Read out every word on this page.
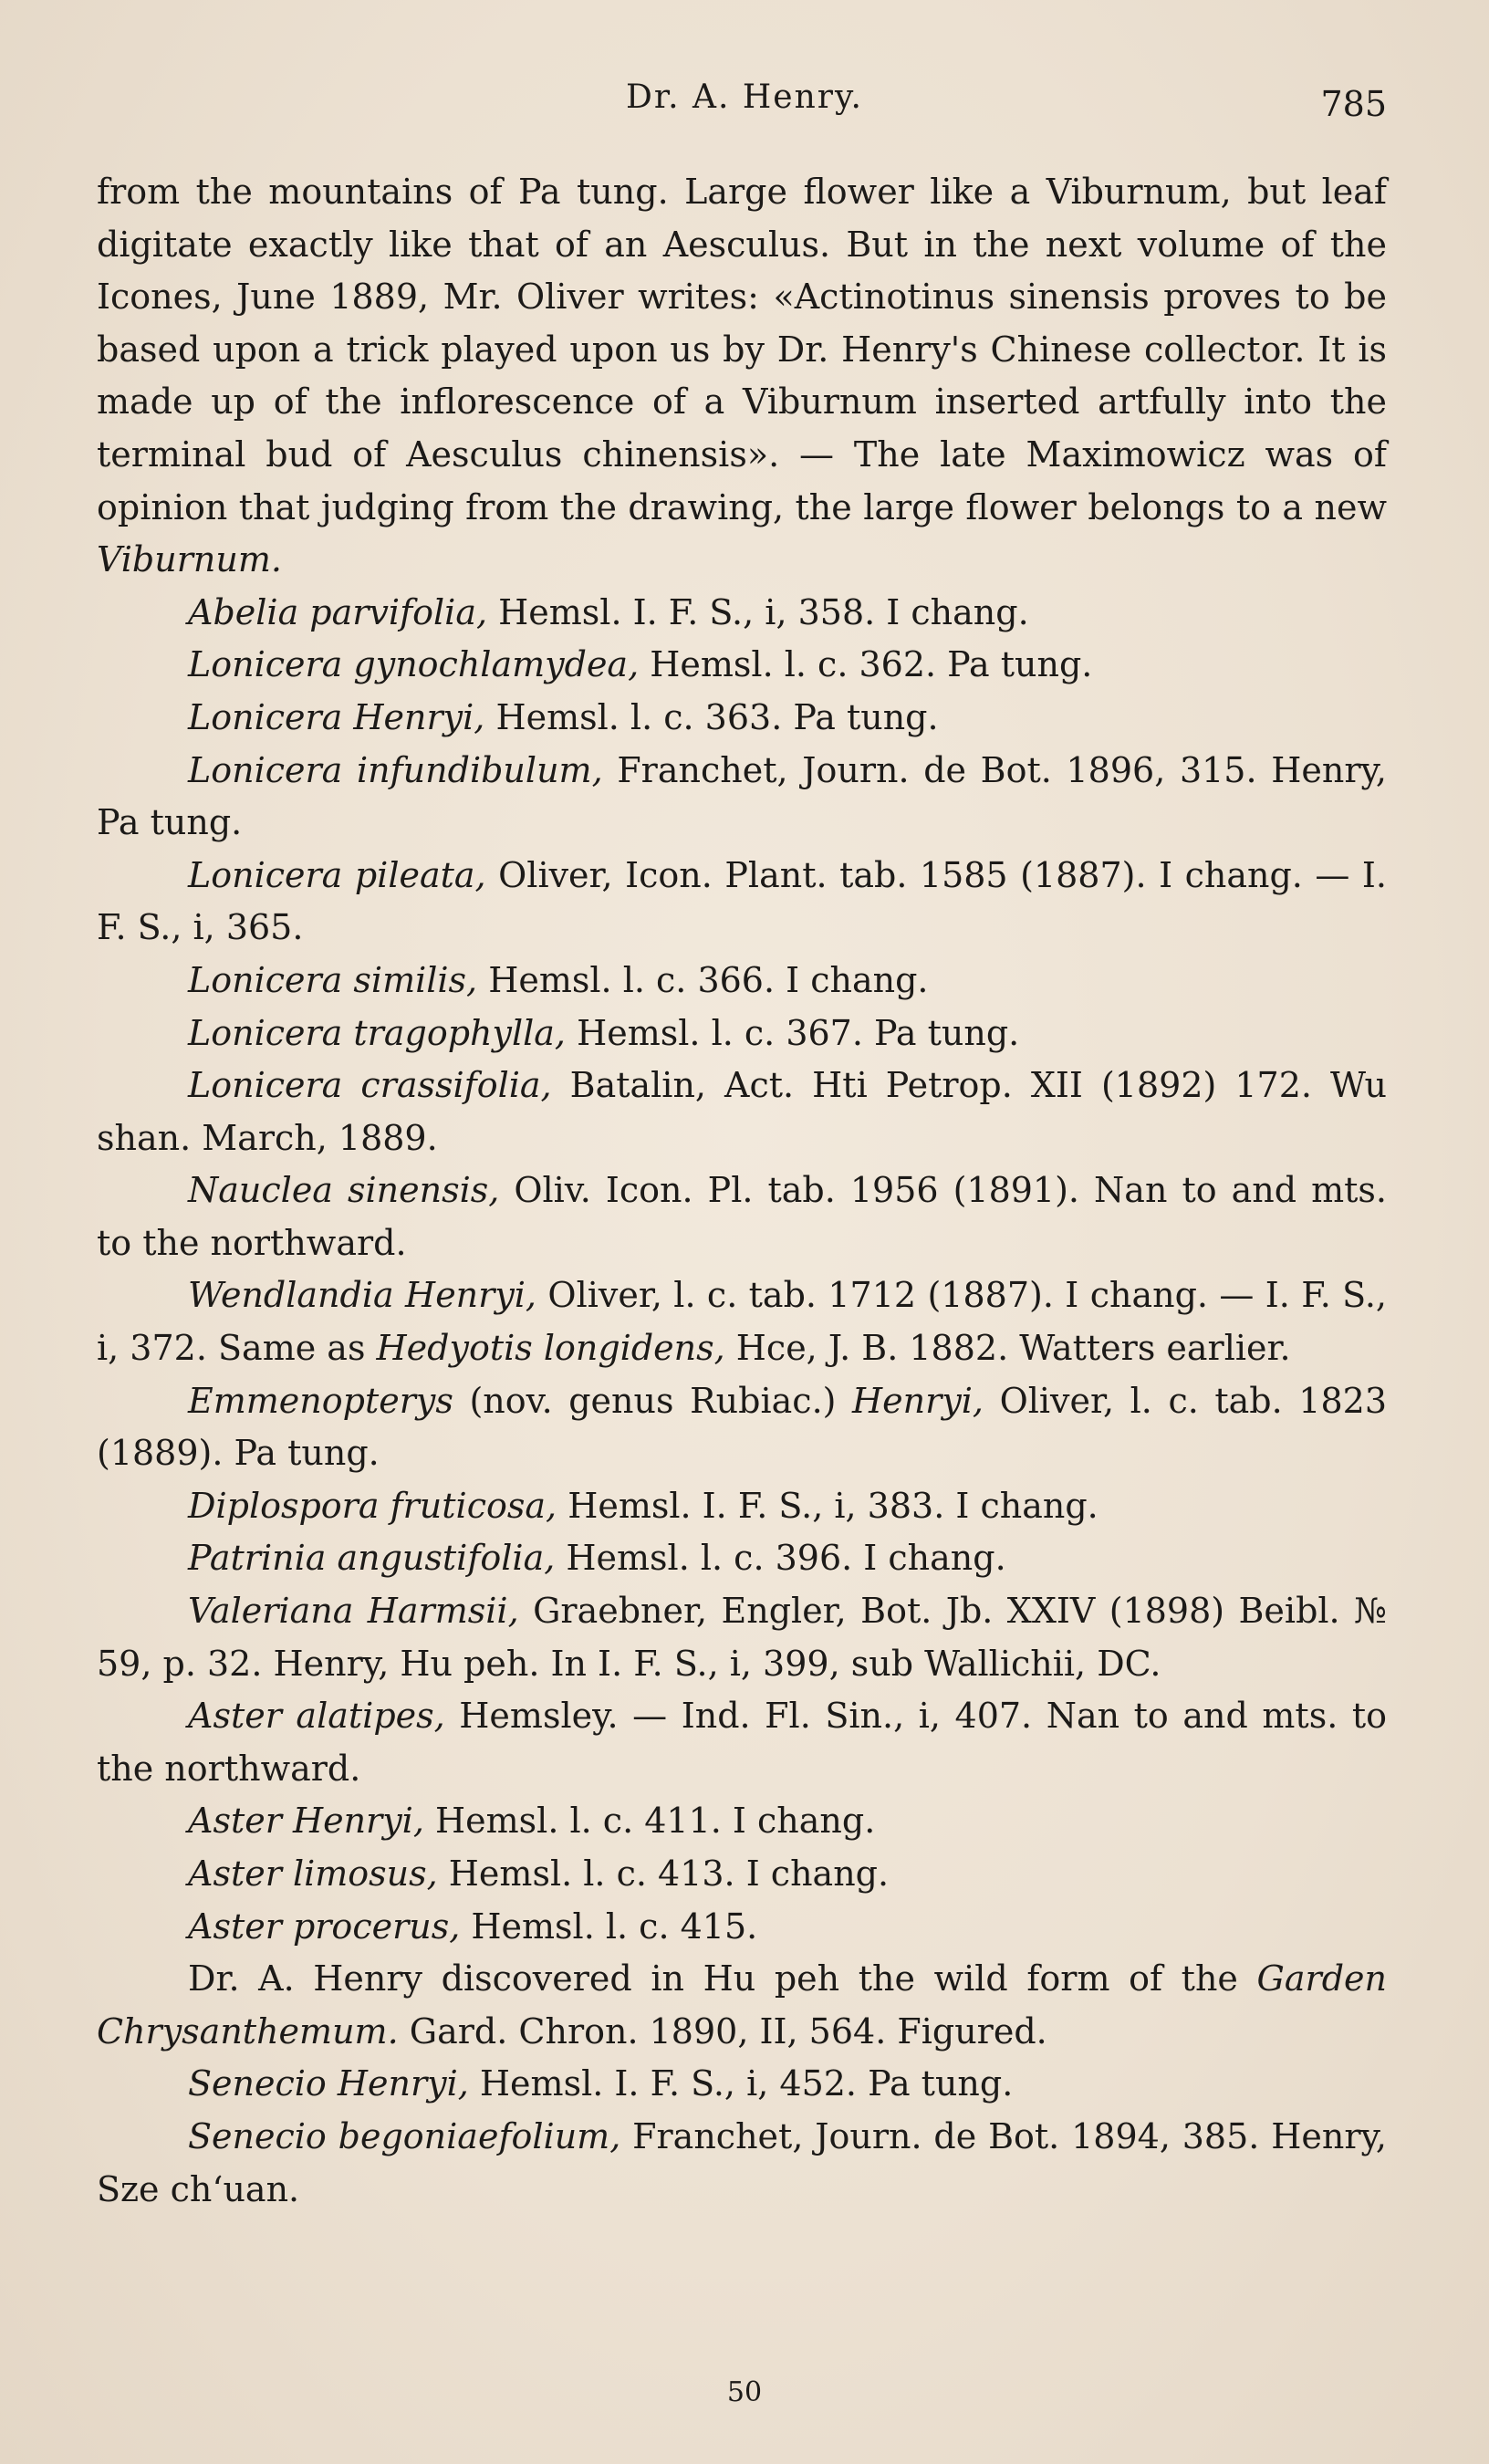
Dr. A. Henry.	785

from the mountains of Pa tung. Large flower like a Viburnum, but leaf digitate exactly like that of an Aesculus. But in the next volume of the Icones, June 1889, Mr. Oliver writes: «Actinotinus sinensis proves to be based upon a trick played upon us by Dr. Henry's Chinese collector. It is made up of the inflorescence of a Viburnum inserted artfully into the terminal bud of Aesculus chinensis». — The late Maximowicz was of opinion that judging from the drawing, the large flower belongs to a new Viburnum.

Abelia parvifolia, Hemsl. I. F. S., i, 358. I chang.

Lonicera gynochlamydea, Hemsl. l. c. 362. Pa tung.

Lonicera Henryi, Hemsl. l. c. 363. Pa tung.

Lonicera infundibulum, Franchet, Journ. de Bot. 1896, 315. Henry, Pa tung.

Lonicera pileata, Oliver, Icon. Plant. tab. 1585 (1887). I chang. — I. F. S., i, 365.

Lonicera similis, Hemsl. l. c. 366. I chang.

Lonicera tragophylla, Hemsl. l. c. 367. Pa tung.

Lonicera crassifolia, Batalin, Act. Hti Petrop. XII (1892) 172. Wu shan. March, 1889.

Nauclea sinensis, Oliv. Icon. Pl. tab. 1956 (1891). Nan to and mts. to the northward.

Wendlandia Henryi, Oliver, l. c. tab. 1712 (1887). I chang. — I. F. S., i, 372. Same as Hedyotis longidens, Hce, J. B. 1882. Watters earlier.

Emmenopterys (nov. genus Rubiac.) Henryi, Oliver, l. c. tab. 1823 (1889). Pa tung.

Diplospora fruticosa, Hemsl. I. F. S., i, 383. I chang.

Patrinia angustifolia, Hemsl. l. c. 396. I chang.

Valeriana Harmsii, Graebner, Engler, Bot. Jb. XXIV (1898) Beibl. № 59, p. 32. Henry, Hu peh. In I. F. S., i, 399, sub Wallichii, DC.

Aster alatipes, Hemsley. — Ind. Fl. Sin., i, 407. Nan to and mts. to the northward.

Aster Henryi, Hemsl. l. c. 411. I chang.

Aster limosus, Hemsl. l. c. 413. I chang.

Aster procerus, Hemsl. l. c. 415.

Dr. A. Henry discovered in Hu peh the wild form of the Garden Chrysanthemum. Gard. Chron. 1890, II, 564. Figured.

Senecio Henryi, Hemsl. I. F. S., i, 452. Pa tung.

Senecio begoniaefolium, Franchet, Journ. de Bot. 1894, 385. Henry, Sze chʻuan.

50
